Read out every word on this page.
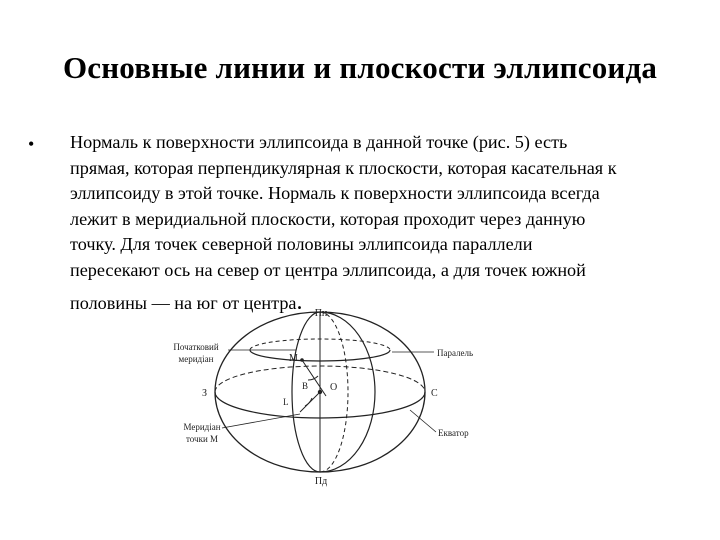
Основные линии и плоскости эллипсоида
• Нормаль к поверхности эллипсоида в данной точке (рис. 5) есть
прямая, которая перпендикулярная к плоскости, которая касательная к
эллипсоиду в этой точке. Нормаль к поверхности эллипсоида всегда
лежит в меридиальной плоскости, которая проходит через данную
точку. Для точек северной половины эллипсоида параллели
пересекают ось на север от центра эллипсоида, а для точек южной
половины — на юг от центра.	Пн
Пд
Початковий
меридіан
Паралель
З	С
Меридіан
точки М
Екватор
М
О
В
L
